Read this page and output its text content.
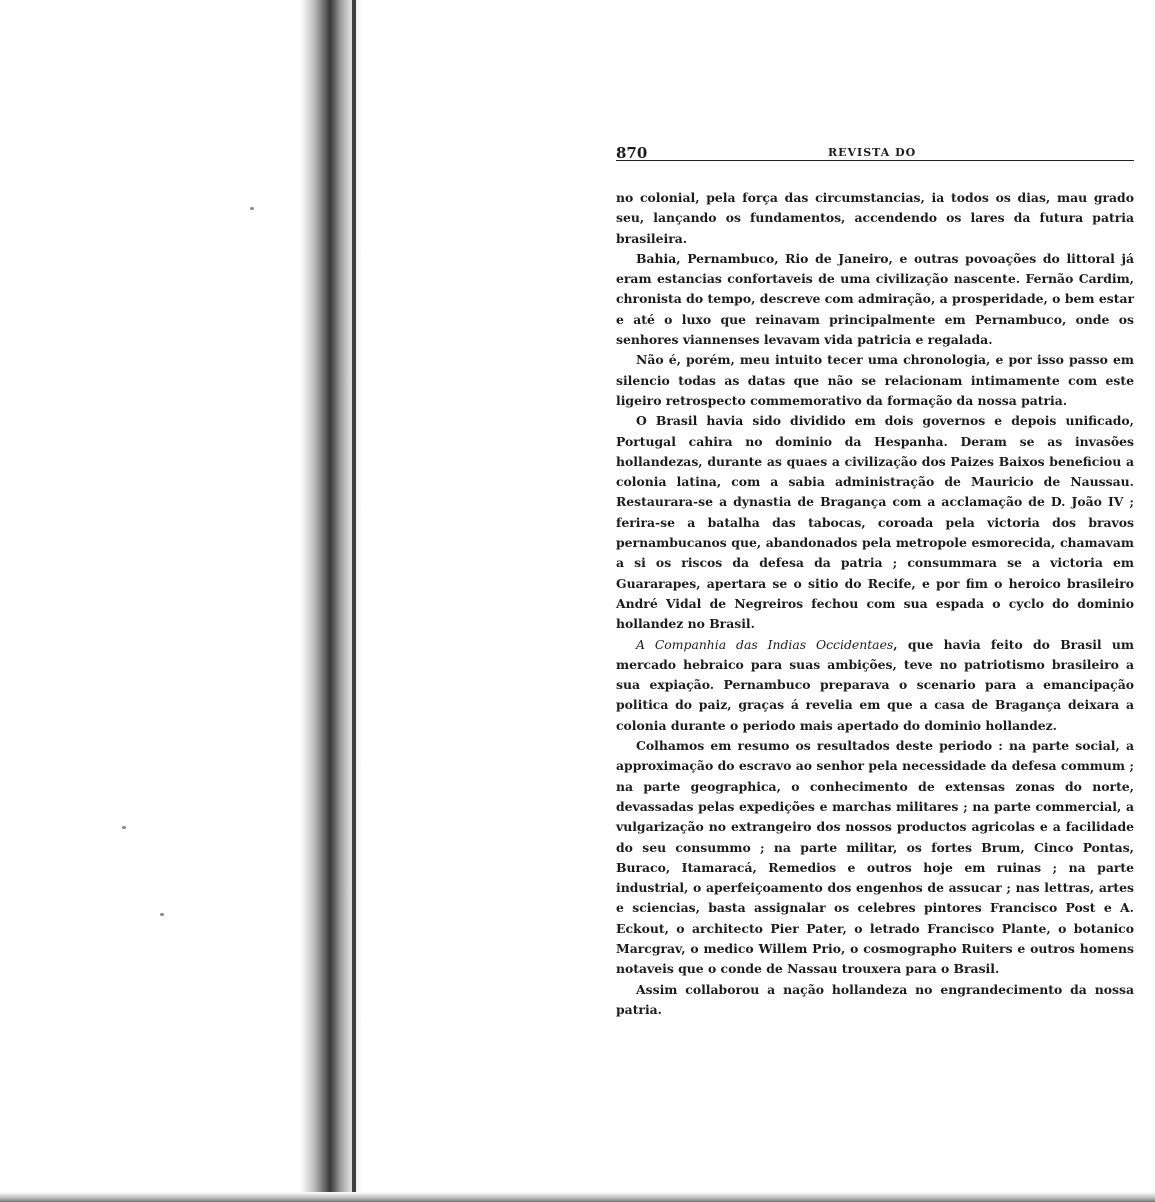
870	REVISTA DO

no colonial, pela força das circumstancias, ia todos os dias, mau grado seu, lançando os fundamentos, accendendo os lares da futura patria brasileira.

Bahia, Pernambuco, Rio de Janeiro, e outras povoações do littoral já eram estancias confortaveis de uma civilização nascente. Fernão Cardim, chronista do tempo, descreve com admiração, a prosperidade, o bem estar e até o luxo que reinavam principalmente em Pernambuco, onde os senhores viannenses levavam vida patricia e regalada.

Não é, porém, meu intuito tecer uma chronologia, e por isso passo em silencio todas as datas que não se relacionam intimamente com este ligeiro retrospecto commemorativo da formação da nossa patria.

O Brasil havia sido dividido em dois governos e depois unificado, Portugal cahira no dominio da Hespanha. Deram se as invasões hollandezas, durante as quaes a civilização dos Paizes Baixos beneficiou a colonia latina, com a sabia administração de Mauricio de Naussau. Restaurara-se a dynastia de Bragança com a acclamação de D. João IV ; ferira-se a batalha das tabocas, coroada pela victoria dos bravos pernambucanos que, abandonados pela metropole esmorecida, chamavam a si os riscos da defesa da patria ; consummara se a victoria em Guararapes, apertara se o sitio do Recife, e por fim o heroico brasileiro André Vidal de Negreiros fechou com sua espada o cyclo do dominio hollandez no Brasil.

A Companhia das Indias Occidentaes, que havia feito do Brasil um mercado hebraico para suas ambições, teve no patriotismo brasileiro a sua expiação. Pernambuco preparava o scenario para a emancipação politica do paiz, graças á revelia em que a casa de Bragança deixara a colonia durante o periodo mais apertado do dominio hollandez.

Colhamos em resumo os resultados deste periodo : na parte social, a approximação do escravo ao senhor pela necessidade da defesa commum ; na parte geographica, o conhecimento de extensas zonas do norte, devassadas pelas expedições e marchas militares ; na parte commercial, a vulgarização no extrangeiro dos nossos productos agricolas e a facilidade do seu consummo ; na parte militar, os fortes Brum, Cinco Pontas, Buraco, Itamaracá, Remedios e outros hoje em ruinas ; na parte industrial, o aperfeiçoamento dos engenhos de assucar ; nas lettras, artes e sciencias, basta assignalar os celebres pintores Francisco Post e A. Eckout, o architecto Pier Pater, o letrado Francisco Plante, o botanico Marcgrav, o medico Willem Prio, o cosmographo Ruiters e outros homens notaveis que o conde de Nassau trouxera para o Brasil.

Assim collaborou a nação hollandeza no engrandecimento da nossa patria.
